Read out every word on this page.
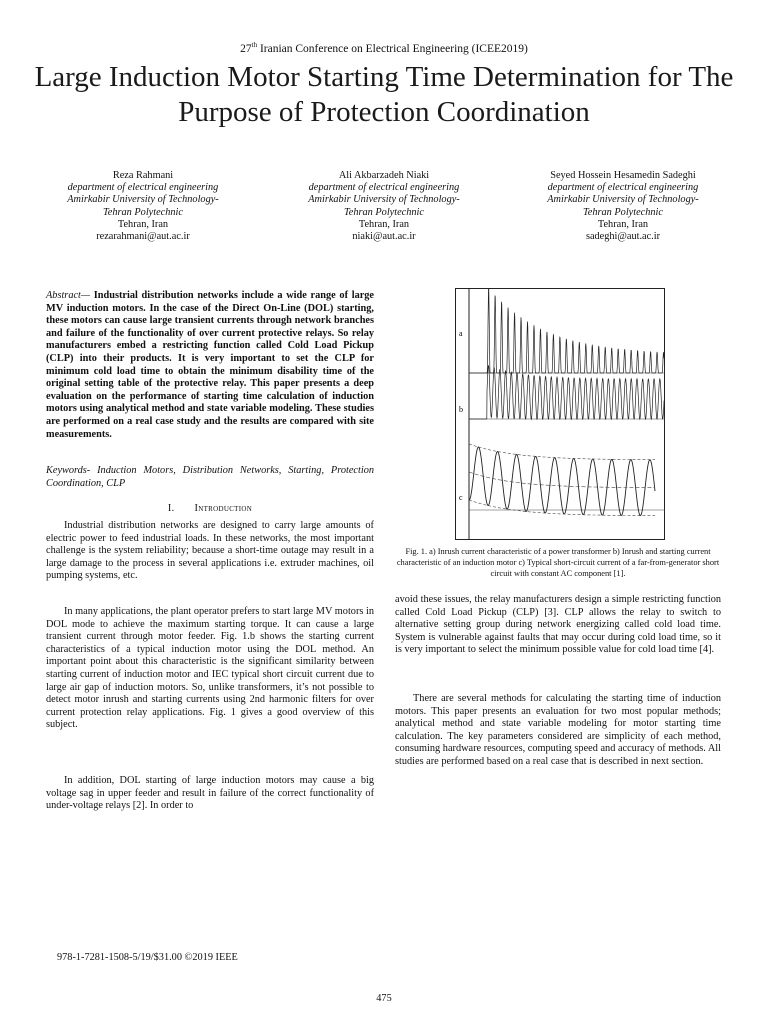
27th Iranian Conference on Electrical Engineering (ICEE2019)
Large Induction Motor Starting Time Determination for The Purpose of Protection Coordination
Reza Rahmani
department of electrical engineering
Amirkabir University of Technology-
Tehran Polytechnic
Tehran, Iran
rezarahmani@aut.ac.ir
Ali Akbarzadeh Niaki
department of electrical engineering
Amirkabir University of Technology-
Tehran Polytechnic
Tehran, Iran
niaki@aut.ac.ir
Seyed Hossein Hesamedin Sadeghi
department of electrical engineering
Amirkabir University of Technology-
Tehran Polytechnic
Tehran, Iran
sadeghi@aut.ac.ir
Abstract— Industrial distribution networks include a wide range of large MV induction motors. In the case of the Direct On-Line (DOL) starting, these motors can cause large transient currents through network branches and failure of the functionality of over current protective relays. So relay manufacturers embed a restricting function called Cold Load Pickup (CLP) into their products. It is very important to set the CLP for minimum cold load time to obtain the minimum disability time of the original setting table of the protective relay. This paper presents a deep evaluation on the performance of starting time calculation of induction motors using analytical method and state variable modeling. These studies are performed on a real case study and the results are compared with site measurements.
Keywords- Induction Motors, Distribution Networks, Starting, Protection Coordination, CLP
I. Introduction
Industrial distribution networks are designed to carry large amounts of electric power to feed industrial loads. In these networks, the most important challenge is the system reliability; because a short-time outage may result in a large damage to the process in several applications i.e. extruder machines, oil pumping systems, etc.
In many applications, the plant operator prefers to start large MV motors in DOL mode to achieve the maximum starting torque. It can cause a large transient current through motor feeder. Fig. 1.b shows the starting current characteristics of a typical induction motor using the DOL method. An important point about this characteristic is the significant similarity between starting current of induction motor and IEC typical short circuit current due to large air gap of induction motors. So, unlike transformers, it’s not possible to detect motor inrush and starting currents using 2nd harmonic filters for over current protection relay applications. Fig. 1 gives a good overview of this subject.
In addition, DOL starting of large induction motors may cause a big voltage sag in upper feeder and result in failure of the correct functionality of under-voltage relays [2]. In order to
a
b
c
Fig. 1. a) Inrush current characteristic of a power transformer b) Inrush and starting current characteristic of an induction motor c) Typical short-circuit current of a far-from-generator short circuit with constant AC component [1].
avoid these issues, the relay manufacturers design a simple restricting function called Cold Load Pickup (CLP) [3]. CLP allows the relay to switch to alternative setting group during network energizing called cold load time. System is vulnerable against faults that may occur during cold load time, so it is very important to select the minimum possible value for cold load time [4].
There are several methods for calculating the starting time of induction motors. This paper presents an evaluation for two most popular methods; analytical method and state variable modeling for motor starting time calculation. The key parameters considered are simplicity of each method, consuming hardware resources, computing speed and accuracy of methods. All studies are performed based on a real case that is described in next section.
978-1-7281-1508-5/19/$31.00 ©2019 IEEE
475
